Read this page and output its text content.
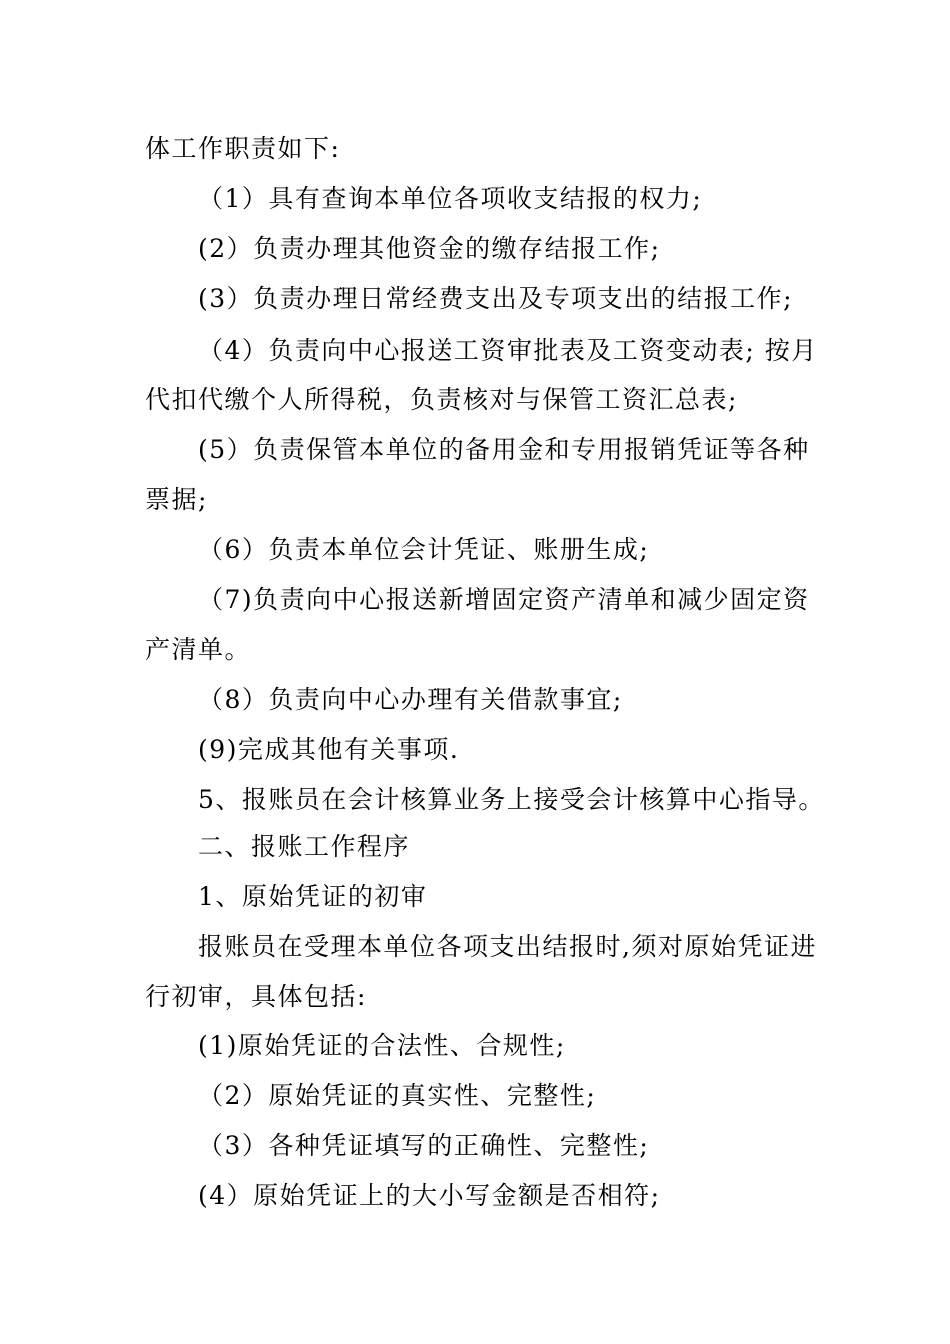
体工作职责如下:
（1）具有查询本单位各项收支结报的权力;
(2）负责办理其他资金的缴存结报工作;
(3）负责办理日常经费支出及专项支出的结报工作;
（4）负责向中心报送工资审批表及工资变动表; 按月
代扣代缴个人所得税，负责核对与保管工资汇总表;
(5）负责保管本单位的备用金和专用报销凭证等各种
票据;
（6）负责本单位会计凭证、账册生成;
（7)负责向中心报送新增固定资产清单和减少固定资
产清单。
（8）负责向中心办理有关借款事宜;
(9)完成其他有关事项.
5、报账员在会计核算业务上接受会计核算中心指导。
二、报账工作程序
1、原始凭证的初审
报账员在受理本单位各项支出结报时,须对原始凭证进
行初审，具体包括:
(1)原始凭证的合法性、合规性;
（2）原始凭证的真实性、完整性;
（3）各种凭证填写的正确性、完整性;
(4）原始凭证上的大小写金额是否相符;
